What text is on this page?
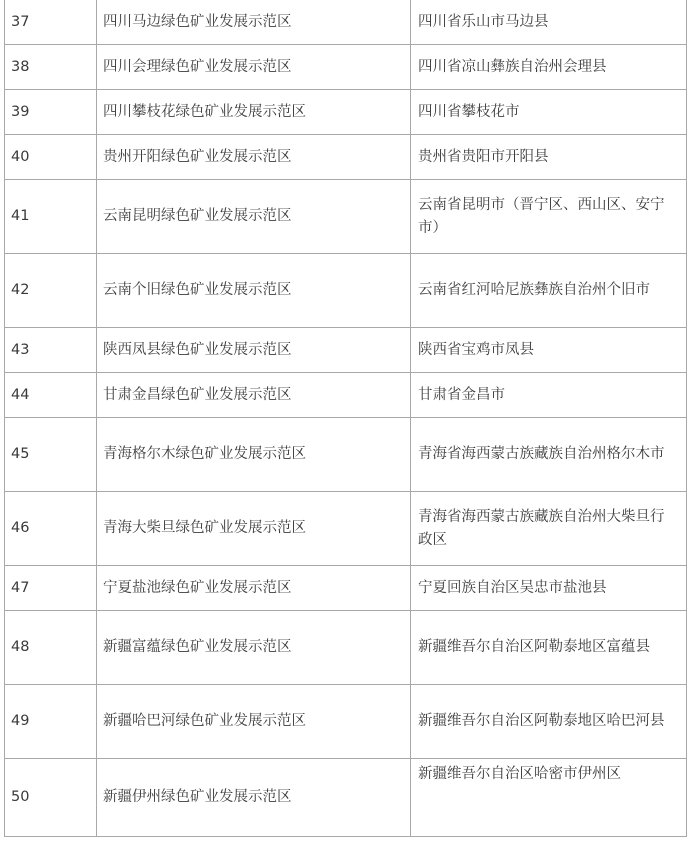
37	四川马边绿色矿业发展示范区	四川省乐山市马边县
38	四川会理绿色矿业发展示范区	四川省凉山彝族自治州会理县
39	四川攀枝花绿色矿业发展示范区	四川省攀枝花市
40	贵州开阳绿色矿业发展示范区	贵州省贵阳市开阳县
41	云南昆明绿色矿业发展示范区	云南省昆明市（晋宁区、西山区、安宁市）
42	云南个旧绿色矿业发展示范区	云南省红河哈尼族彝族自治州个旧市
43	陕西凤县绿色矿业发展示范区	陕西省宝鸡市凤县
44	甘肃金昌绿色矿业发展示范区	甘肃省金昌市
45	青海格尔木绿色矿业发展示范区	青海省海西蒙古族藏族自治州格尔木市
46	青海大柴旦绿色矿业发展示范区	青海省海西蒙古族藏族自治州大柴旦行政区
47	宁夏盐池绿色矿业发展示范区	宁夏回族自治区吴忠市盐池县
48	新疆富蕴绿色矿业发展示范区	新疆维吾尔自治区阿勒泰地区富蕴县
49	新疆哈巴河绿色矿业发展示范区	新疆维吾尔自治区阿勒泰地区哈巴河县
50	新疆伊州绿色矿业发展示范区	新疆维吾尔自治区哈密市伊州区
